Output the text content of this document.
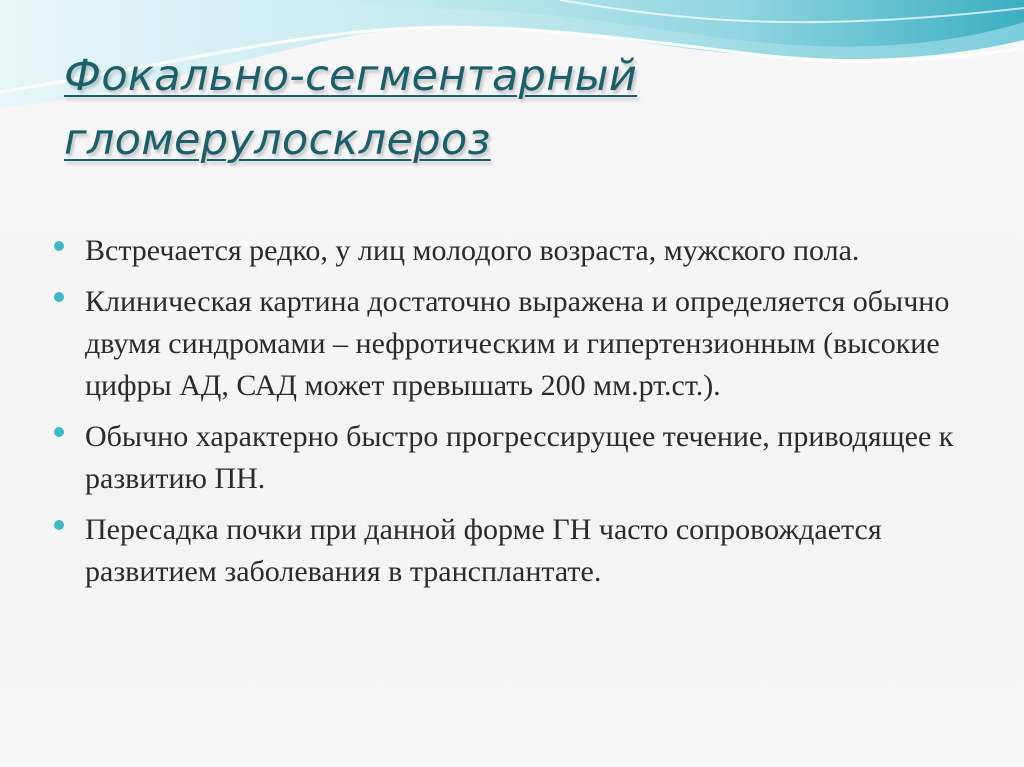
Фокально-сегментарный
гломерулосклероз
Встречается редко, у лиц молодого возраста, мужского пола.
Клиническая картина достаточно выражена и определяется обычно двумя синдромами – нефротическим и гипертензионным (высокие цифры АД, САД может превышать 200 мм.рт.ст.).
Обычно характерно быстро прогрессирущее течение, приводящее к развитию ПН.
Пересадка почки при данной форме ГН часто сопровождается развитием заболевания в трансплантате.
